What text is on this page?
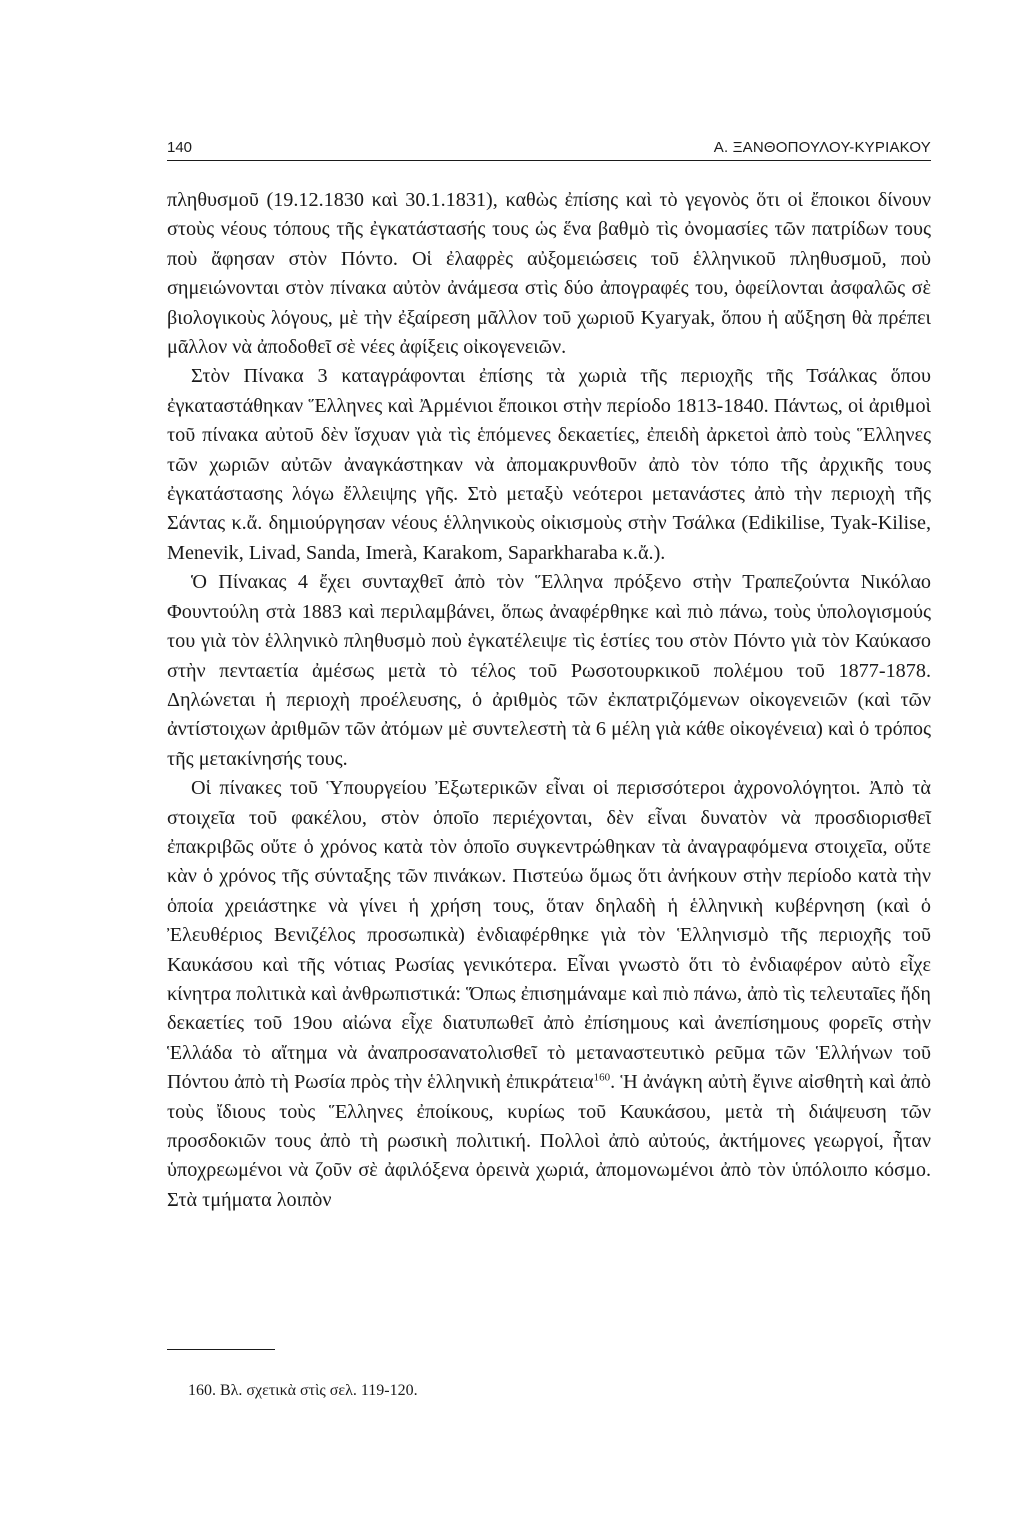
140	Α. ΞΑΝΘΟΠΟΥΛΟΥ-ΚΥΡΙΑΚΟΥ

πληθυσμοῦ (19.12.1830 καὶ 30.1.1831), καθὼς ἐπίσης καὶ τὸ γεγονὸς ὅτι οἱ ἔποικοι δίνουν στοὺς νέους τόπους τῆς ἐγκατάστασής τους ὡς ἕνα βαθμὸ τὶς ὀνομασίες τῶν πατρίδων τους ποὺ ἄφησαν στὸν Πόντο. Οἱ ἐλαφρὲς αὐξομειώσεις τοῦ ἑλληνικοῦ πληθυσμοῦ, ποὺ σημειώνονται στὸν πίνακα αὐτὸν ἀνάμεσα στὶς δύο ἀπογραφές του, ὀφείλονται ἀσφαλῶς σὲ βιολογικοὺς λόγους, μὲ τὴν ἐξαίρεση μᾶλλον τοῦ χωριοῦ Kyaryak, ὅπου ἡ αὔξηση θὰ πρέπει μᾶλλον νὰ ἀποδοθεῖ σὲ νέες ἀφίξεις οἰκογενειῶν.

Στὸν Πίνακα 3 καταγράφονται ἐπίσης τὰ χωριὰ τῆς περιοχῆς τῆς Τσάλκας ὅπου ἐγκαταστάθηκαν Ἕλληνες καὶ Ἀρμένιοι ἔποικοι στὴν περίοδο 1813-1840. Πάντως, οἱ ἀριθμοὶ τοῦ πίνακα αὐτοῦ δὲν ἴσχυαν γιὰ τὶς ἑπόμενες δεκαετίες, ἐπειδὴ ἀρκετοὶ ἀπὸ τοὺς Ἕλληνες τῶν χωριῶν αὐτῶν ἀναγκάστηκαν νὰ ἀπομακρυνθοῦν ἀπὸ τὸν τόπο τῆς ἀρχικῆς τους ἐγκατάστασης λόγω ἔλλειψης γῆς. Στὸ μεταξὺ νεότεροι μετανάστες ἀπὸ τὴν περιοχὴ τῆς Σάντας κ.ἄ. δημιούργησαν νέους ἑλληνικοὺς οἰκισμοὺς στὴν Τσάλκα (Edikilise, Tyak-Kilise, Menevik, Livad, Sanda, Imerà, Karakom, Saparkharaba κ.ἄ.).

Ὁ Πίνακας 4 ἔχει συνταχθεῖ ἀπὸ τὸν Ἕλληνα πρόξενο στὴν Τραπεζούντα Νικόλαο Φουντούλη στὰ 1883 καὶ περιλαμβάνει, ὅπως ἀναφέρθηκε καὶ πιὸ πάνω, τοὺς ὑπολογισμούς του γιὰ τὸν ἑλληνικὸ πληθυσμὸ ποὺ ἐγκατέλειψε τὶς ἑστίες του στὸν Πόντο γιὰ τὸν Καύκασο στὴν πενταετία ἀμέσως μετὰ τὸ τέλος τοῦ Ρωσοτουρκικοῦ πολέμου τοῦ 1877-1878. Δηλώνεται ἡ περιοχὴ προέλευσης, ὁ ἀριθμὸς τῶν ἐκπατριζόμενων οἰκογενειῶν (καὶ τῶν ἀντίστοιχων ἀριθμῶν τῶν ἀτόμων μὲ συντελεστὴ τὰ 6 μέλη γιὰ κάθε οἰκογένεια) καὶ ὁ τρόπος τῆς μετακίνησής τους.

Οἱ πίνακες τοῦ Ὑπουργείου Ἐξωτερικῶν εἶναι οἱ περισσότεροι ἀχρονολόγητοι. Ἀπὸ τὰ στοιχεῖα τοῦ φακέλου, στὸν ὁποῖο περιέχονται, δὲν εἶναι δυνατὸν νὰ προσδιορισθεῖ ἐπακριβῶς οὔτε ὁ χρόνος κατὰ τὸν ὁποῖο συγκεντρώθηκαν τὰ ἀναγραφόμενα στοιχεῖα, οὔτε κὰν ὁ χρόνος τῆς σύνταξης τῶν πινάκων. Πιστεύω ὅμως ὅτι ἀνήκουν στὴν περίοδο κατὰ τὴν ὁποία χρειάστηκε νὰ γίνει ἡ χρήση τους, ὅταν δηλαδὴ ἡ ἑλληνικὴ κυβέρνηση (καὶ ὁ Ἐλευθέριος Βενιζέλος προσωπικὰ) ἐνδιαφέρθηκε γιὰ τὸν Ἑλληνισμὸ τῆς περιοχῆς τοῦ Καυκάσου καὶ τῆς νότιας Ρωσίας γενικότερα. Εἶναι γνωστὸ ὅτι τὸ ἐνδιαφέρον αὐτὸ εἶχε κίνητρα πολιτικὰ καὶ ἀνθρωπιστικά: Ὅπως ἐπισημάναμε καὶ πιὸ πάνω, ἀπὸ τὶς τελευταῖες ἤδη δεκαετίες τοῦ 19ου αἰώνα εἶχε διατυπωθεῖ ἀπὸ ἐπίσημους καὶ ἀνεπίσημους φορεῖς στὴν Ἑλλάδα τὸ αἴτημα νὰ ἀναπροσανατολισθεῖ τὸ μεταναστευτικὸ ρεῦμα τῶν Ἑλλήνων τοῦ Πόντου ἀπὸ τὴ Ρωσία πρὸς τὴν ἑλληνικὴ ἐπικράτεια$^{160}$. Ἡ ἀνάγκη αὐτὴ ἔγινε αἰσθητὴ καὶ ἀπὸ τοὺς ἴδιους τοὺς Ἕλληνες ἐποίκους, κυρίως τοῦ Καυκάσου, μετὰ τὴ διάψευση τῶν προσδοκιῶν τους ἀπὸ τὴ ρωσικὴ πολιτική. Πολλοὶ ἀπὸ αὐτούς, ἀκτήμονες γεωργοί, ἦταν ὑποχρεωμένοι νὰ ζοῦν σὲ ἀφιλόξενα ὀρεινὰ χωριά, ἀπομονωμένοι ἀπὸ τὸν ὑπόλοιπο κόσμο. Στὰ τμήματα λοιπὸν

160. Βλ. σχετικὰ στὶς σελ. 119-120.
